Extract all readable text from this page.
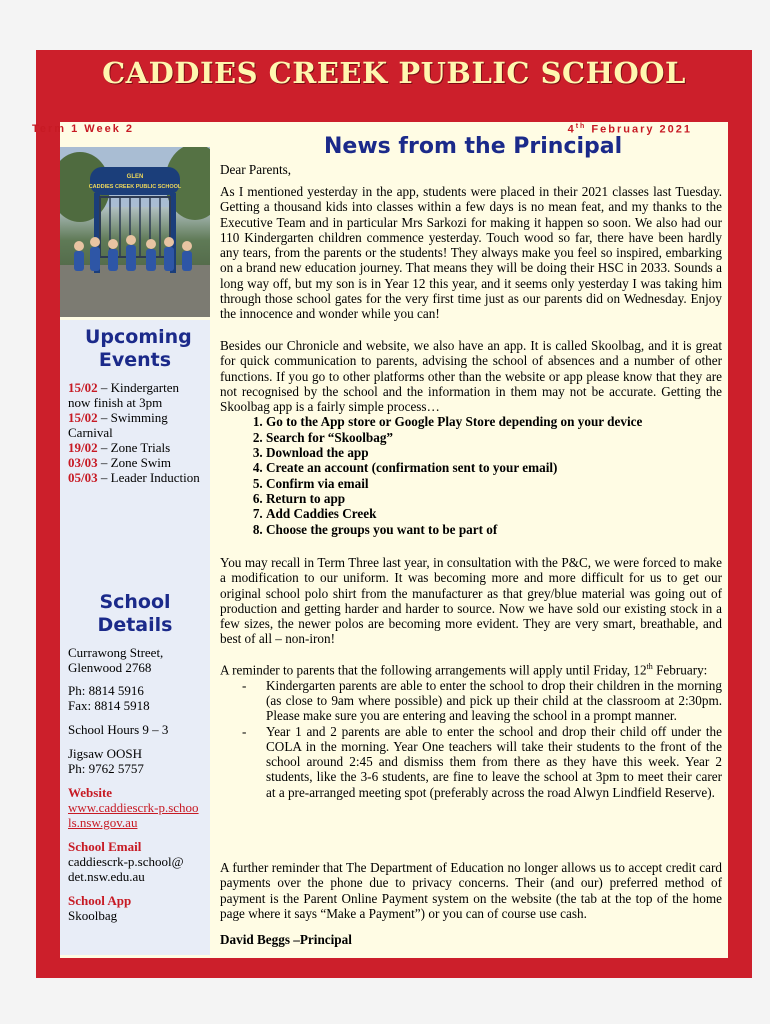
CADDIES CREEK PUBLIC SCHOOL
Term 1 Week 2	4th February 2021
GLEN
CADDIES CREEK PUBLIC SCHOOL
News from the Principal
Upcoming Events
15/02 – Kindergarten now finish at 3pm
15/02 – Swimming Carnival
19/02 – Zone Trials
03/03 – Zone Swim
05/03 – Leader Induction
School Details
Currawong Street, Glenwood 2768
Ph: 8814 5916
Fax: 8814 5918
School Hours 9 – 3
Jigsaw OOSH
Ph: 9762 5757
Website
www.caddiescrk-p.schools.nsw.gov.au
School Email
caddiescrk-p.school@ det.nsw.edu.au
School App
Skoolbag

Dear Parents,

As I mentioned yesterday in the app, students were placed in their 2021 classes last Tuesday. Getting a thousand kids into classes within a few days is no mean feat, and my thanks to the Executive Team and in particular Mrs Sarkozi for making it happen so soon. We also had our 110 Kindergarten children commence yesterday. Touch wood so far, there have been hardly any tears, from the parents or the students! They always make you feel so inspired, embarking on a brand new education journey. That means they will be doing their HSC in 2033. Sounds a long way off, but my son is in Year 12 this year, and it seems only yesterday I was taking him through those school gates for the very first time just as our parents did on Wednesday. Enjoy the innocence and wonder while you can!

Besides our Chronicle and website, we also have an app. It is called Skoolbag, and it is great for quick communication to parents, advising the school of absences and a number of other functions. If you go to other platforms other than the website or app please know that they are not recognised by the school and the information in them may not be accurate. Getting the Skoolbag app is a fairly simple process…

1. Go to the App store or Google Play Store depending on your device
2. Search for “Skoolbag”
3. Download the app
4. Create an account (confirmation sent to your email)
5. Confirm via email
6. Return to app
7. Add Caddies Creek
8. Choose the groups you want to be part of

You may recall in Term Three last year, in consultation with the P&C, we were forced to make a modification to our uniform. It was becoming more and more difficult for us to get our original school polo shirt from the manufacturer as that grey/blue material was going out of production and getting harder and harder to source. Now we have sold our existing stock in a few sizes, the newer polos are becoming more evident. They are very smart, breathable, and best of all – non-iron!

A reminder to parents that the following arrangements will apply until Friday, 12th February:

- Kindergarten parents are able to enter the school to drop their children in the morning (as close to 9am where possible) and pick up their child at the classroom at 2:30pm. Please make sure you are entering and leaving the school in a prompt manner.
- Year 1 and 2 parents are able to enter the school and drop their child off under the COLA in the morning. Year One teachers will take their students to the front of the school around 2:45 and dismiss them from there as they have this week. Year 2 students, like the 3-6 students, are fine to leave the school at 3pm to meet their carer at a pre-arranged meeting spot (preferably across the road Alwyn Lindfield Reserve).

A further reminder that The Department of Education no longer allows us to accept credit card payments over the phone due to privacy concerns. Their (and our) preferred method of payment is the Parent Online Payment system on the website (the tab at the top of the home page where it says “Make a Payment”) or you can of course use cash.

David Beggs –Principal
